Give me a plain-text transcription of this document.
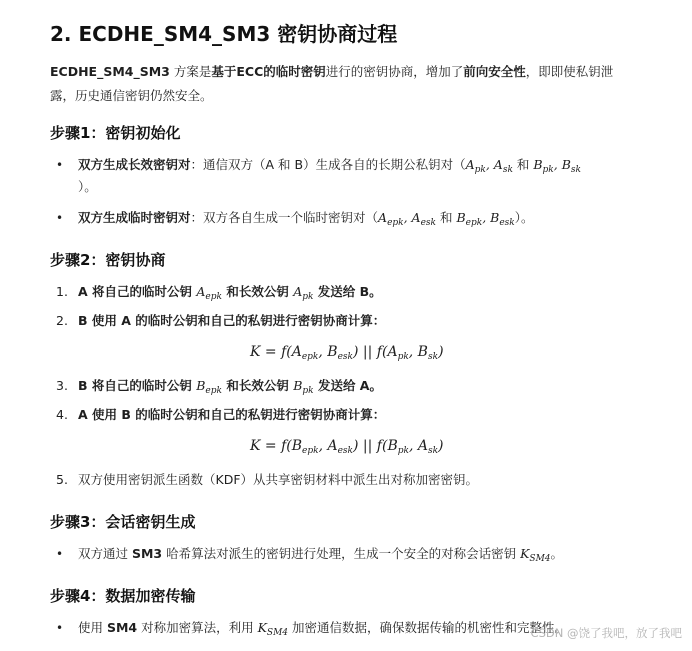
2. ECDHE_SM4_SM3 密钥协商过程
ECDHE_SM4_SM3 方案是基于ECC的临时密钥进行的密钥协商，增加了前向安全性，即即使私钥泄
露，历史通信密钥仍然安全。
步骤1：密钥初始化
• 双方生成长效密钥对：通信双方（A 和 B）生成各自的长期公私钥对（$A_{pk}$, $A_{sk}$ 和 $B_{pk}$, $B_{sk}$
）。
• 双方生成临时密钥对：双方各自生成一个临时密钥对（$A_{epk}$, $A_{esk}$ 和 $B_{epk}$, $B_{esk}$）。
步骤2：密钥协商
1. A 将自己的临时公钥 $A_{epk}$ 和长效公钥 $A_{pk}$ 发送给 B。
2. B 使用 A 的临时公钥和自己的私钥进行密钥协商计算：
$K = f(A_{epk}$, $B_{esk}$) || $f(A_{pk}$, $B_{sk}$)
3. B 将自己的临时公钥 $B_{epk}$ 和长效公钥 $B_{pk}$ 发送给 A。
4. A 使用 B 的临时公钥和自己的私钥进行密钥协商计算：
$K = f(B_{epk}$, $A_{esk}$) || $f(B_{pk}$, $A_{sk}$)
5. 双方使用密钥派生函数（KDF）从共享密钥材料中派生出对称加密密钥。
步骤3：会话密钥生成
• 双方通过 SM3 哈希算法对派生的密钥进行处理，生成一个安全的对称会话密钥 $K_{SM4}$。
步骤4：数据加密传输
• 使用 SM4 对称加密算法，利用 $K_{SM4}$ 加密通信数据，确保数据传输的机密性和完整性。
CSDN @饶了我吧，放了我吧
